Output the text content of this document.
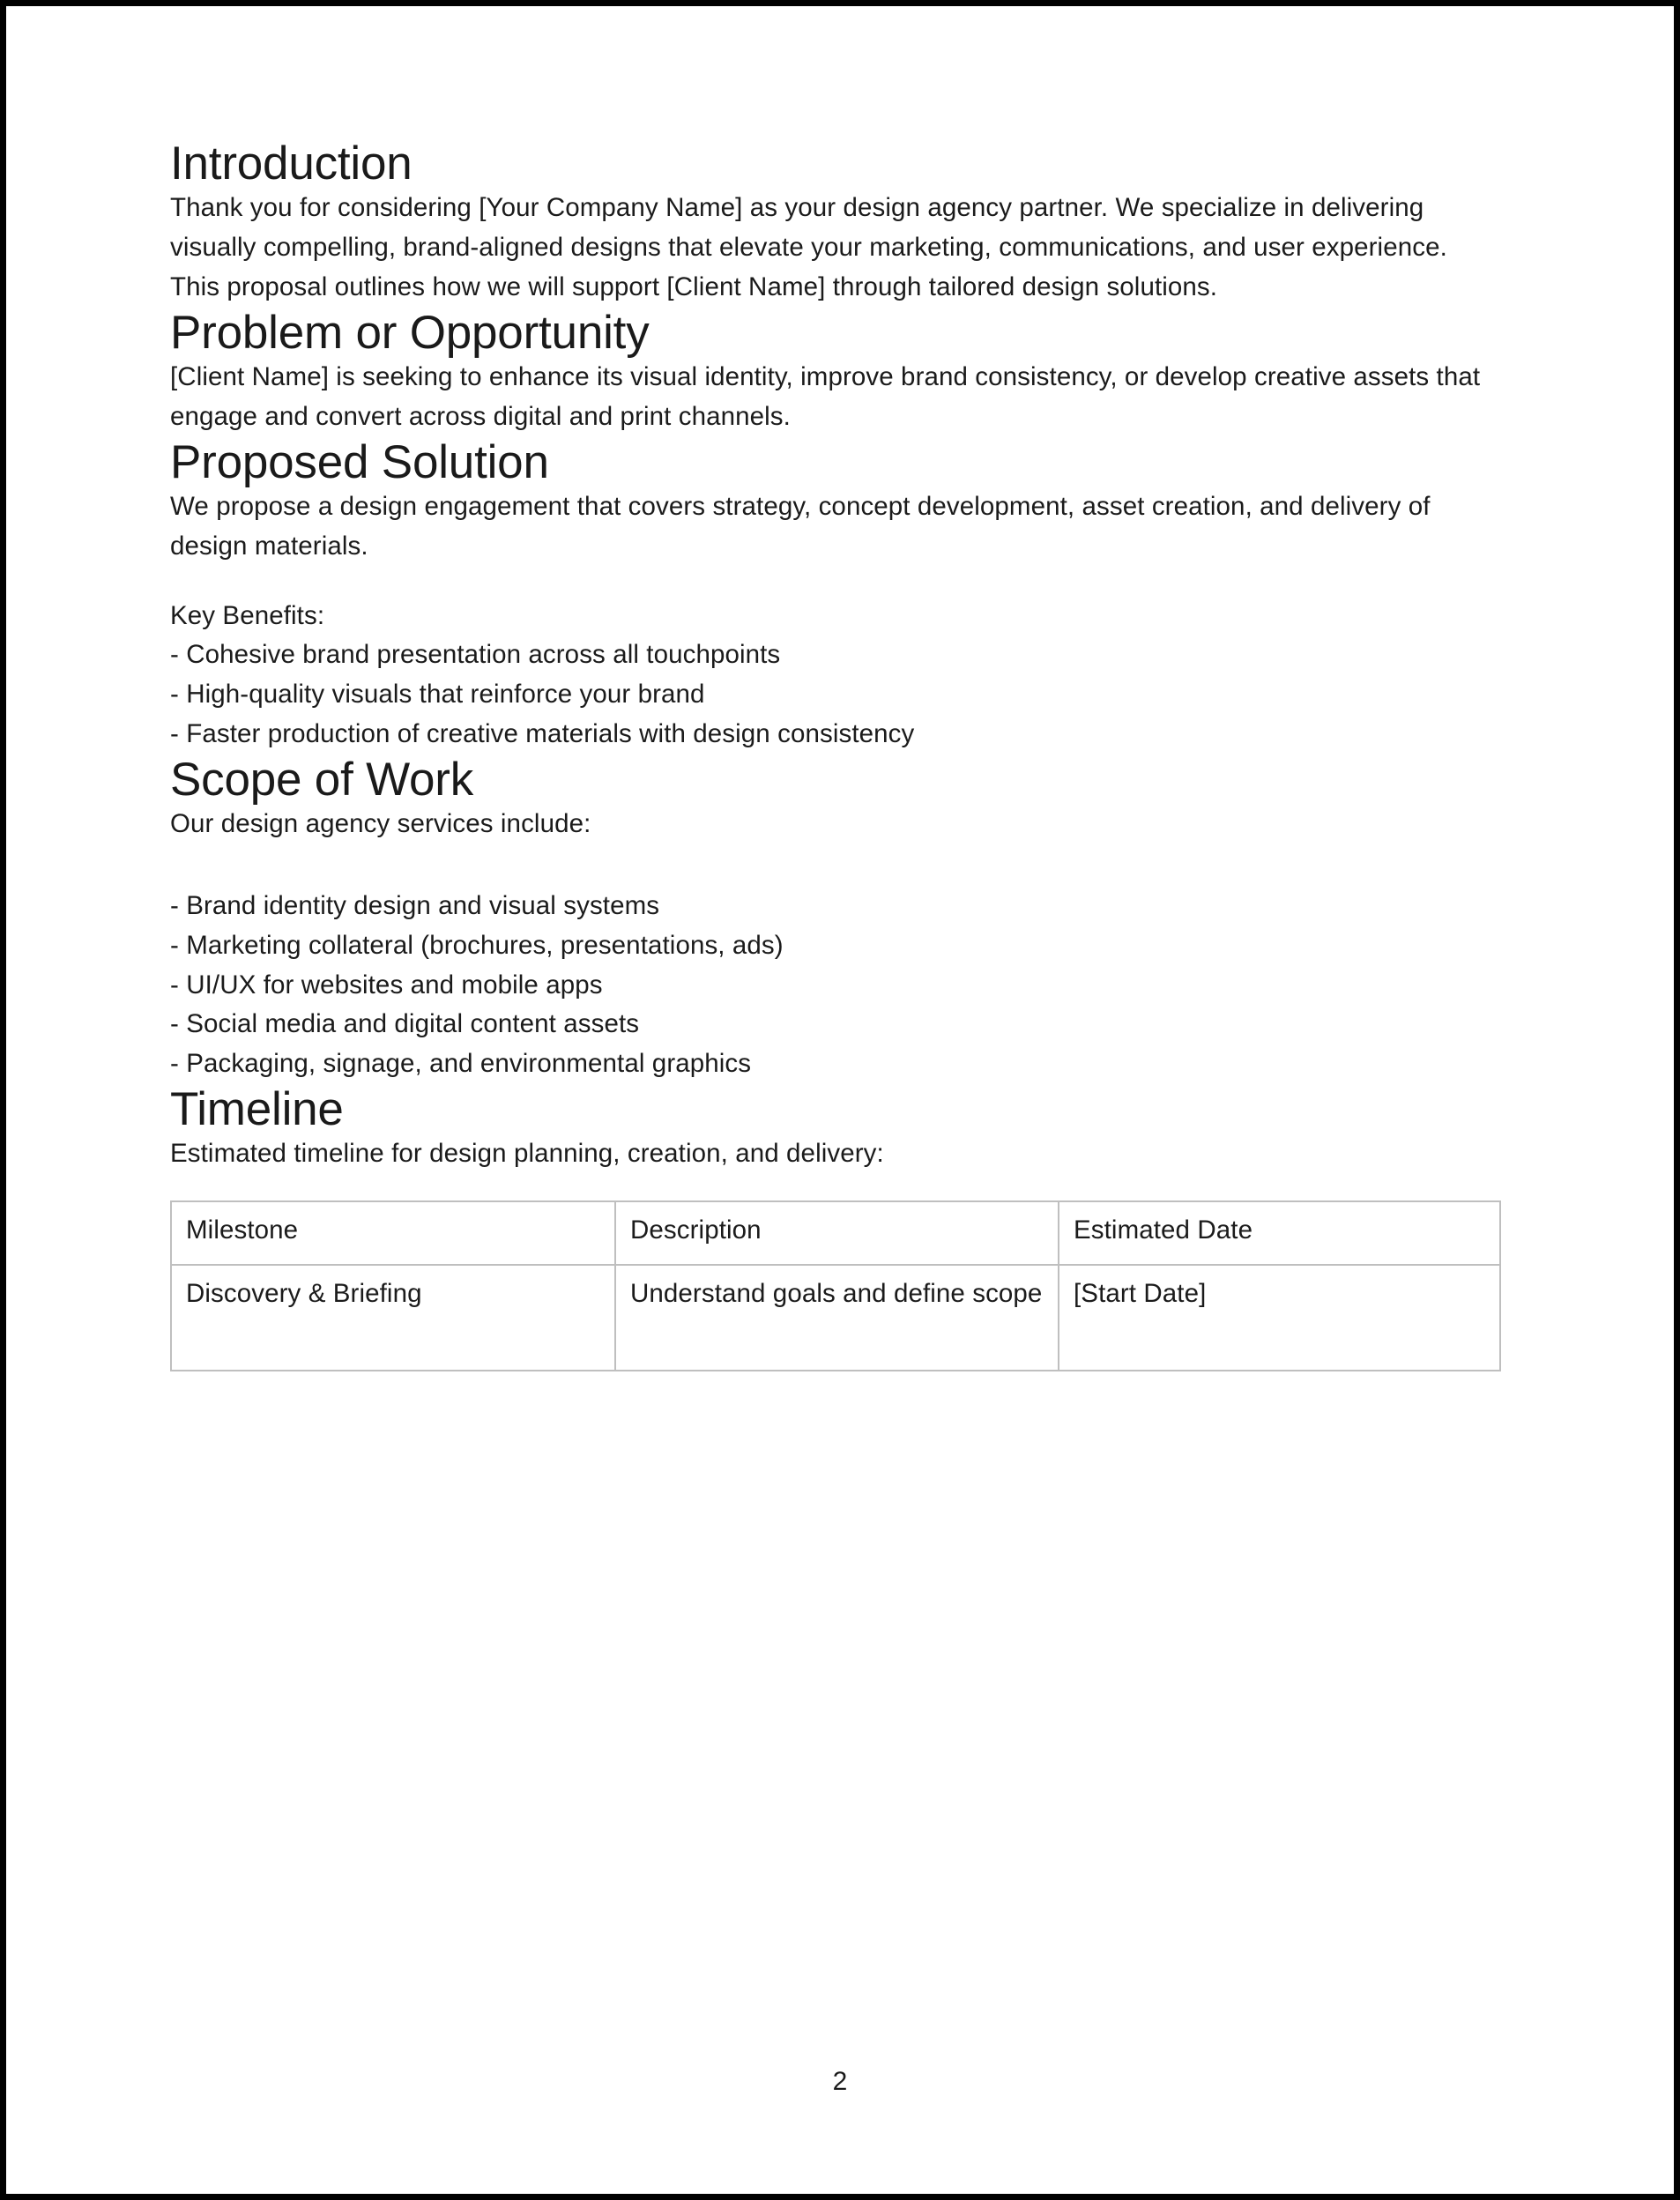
Introduction

Thank you for considering [Your Company Name] as your design agency partner. We specialize in delivering visually compelling, brand-aligned designs that elevate your marketing, communications, and user experience.

This proposal outlines how we will support [Client Name] through tailored design solutions.

Problem or Opportunity

[Client Name] is seeking to enhance its visual identity, improve brand consistency, or develop creative assets that engage and convert across digital and print channels.

Proposed Solution

We propose a design engagement that covers strategy, concept development, asset creation, and delivery of design materials.

Key Benefits:
- Cohesive brand presentation across all touchpoints
- High-quality visuals that reinforce your brand
- Faster production of creative materials with design consistency
Scope of Work

Our design agency services include:

- Brand identity design and visual systems
- Marketing collateral (brochures, presentations, ads)
- UI/UX for websites and mobile apps
- Social media and digital content assets
- Packaging, signage, and environmental graphics
Timeline

Estimated timeline for design planning, creation, and delivery:

Milestone	Description	Estimated Date
Discovery & Briefing	Understand goals and define scope	[Start Date]
2
